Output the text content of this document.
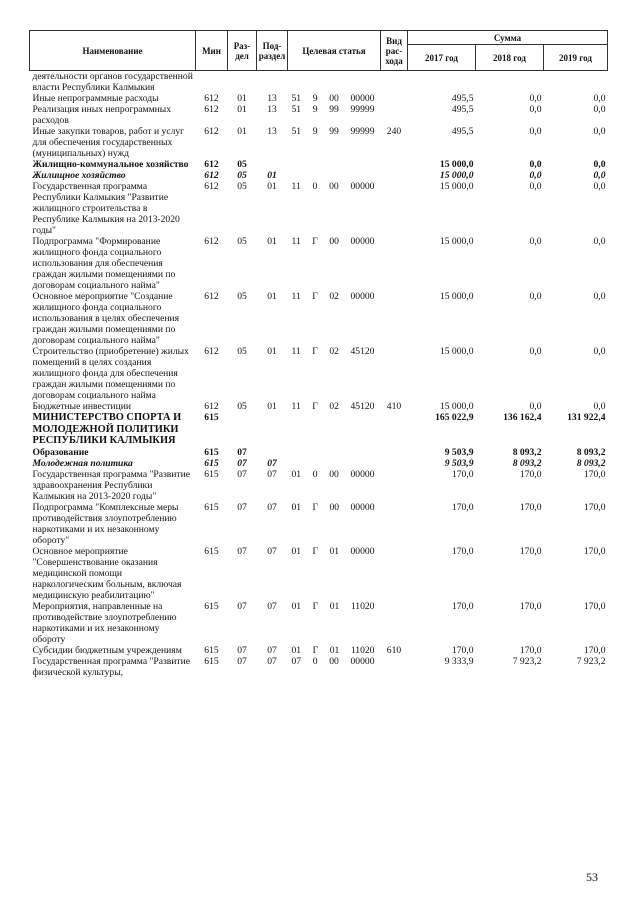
Наименование	Мин	Раз-дел	Под-раздел	Целевая статья	Вид рас-хода	Сумма		
						2017 год	2018 год	2019 год
деятельности органов государственной власти Республики Калмыкия				

Иные непрограммные расходы	612	01	13	51 9 00 00000		495,5	0,0	0,0
Реализация иных непрограммных расходов	612	01	13	51 9 99 99999		495,5	0,0	0,0
Иные закупки товаров, работ и услуг для обеспечения государственных (муниципальных) нужд	612	01	13	51 9 99 99999	240	495,5	0,0	0,0
Жилищно-коммунальное хозяйство	612	05				15 000,0	0,0	0,0
Жилищное хозяйство	612	05	01			15 000,0	0,0	0,0
Государственная программа Республики Калмыкия "Развитие жилищного строительства в Республике Калмыкия на 2013-2020 годы"	612	05	01	11 0 00 00000		15 000,0	0,0	0,0
Подпрограмма "Формирование жилищного фонда социального использования для обеспечения граждан жилыми помещениями по договорам социального найма"	612	05	01	11 Г 00 00000		15 000,0	0,0	0,0
Основное мероприятие "Создание жилищного фонда социального использования в целях обеспечения граждан жилыми помещениями по договорам социального найма"	612	05	01	11 Г 02 00000		15 000,0	0,0	0,0
Строительство (приобретение) жилых помещений в целях создания жилищного фонда для обеспечения граждан жилыми помещениями по договорам социального найма	612	05	01	11 Г 02 45120		15 000,0	0,0	0,0
Бюджетные инвестиции	612	05	01	11 Г 02 45120	410	15 000,0	0,0	0,0
МИНИСТЕРСТВО СПОРТА И МОЛОДЕЖНОЙ ПОЛИТИКИ РЕСПУБЛИКИ КАЛМЫКИЯ	615					165 022,9	136 162,4	131 922,4
Образование	615	07				9 503,9	8 093,2	8 093,2
Молодежная политика	615	07	07			9 503,9	8 093,2	8 093,2
Государственная программа "Развитие здравоохранения Республики Калмыкия на 2013-2020 годы"	615	07	07	01 0 00 00000		170,0	170,0	170,0
Подпрограмма "Комплексные меры противодействия злоупотреблению наркотиками и их незаконному обороту"	615	07	07	01 Г 00 00000		170,0	170,0	170,0
Основное мероприятие "Совершенствование оказания медицинской помощи наркологическим больным, включая медицинскую реабилитацию"	615	07	07	01 Г 01 00000		170,0	170,0	170,0
Мероприятия, направленные на противодействие злоупотреблению наркотиками и их незаконному обороту	615	07	07	01 Г 01 11020		170,0	170,0	170,0
Субсидии бюджетным учреждениям	615	07	07	01 Г 01 11020	610	170,0	170,0	170,0
Государственная программа "Развитие физической культуры,	615	07	07	07 0 00 00000		9 333,9	7 923,2	7 923,2
53
